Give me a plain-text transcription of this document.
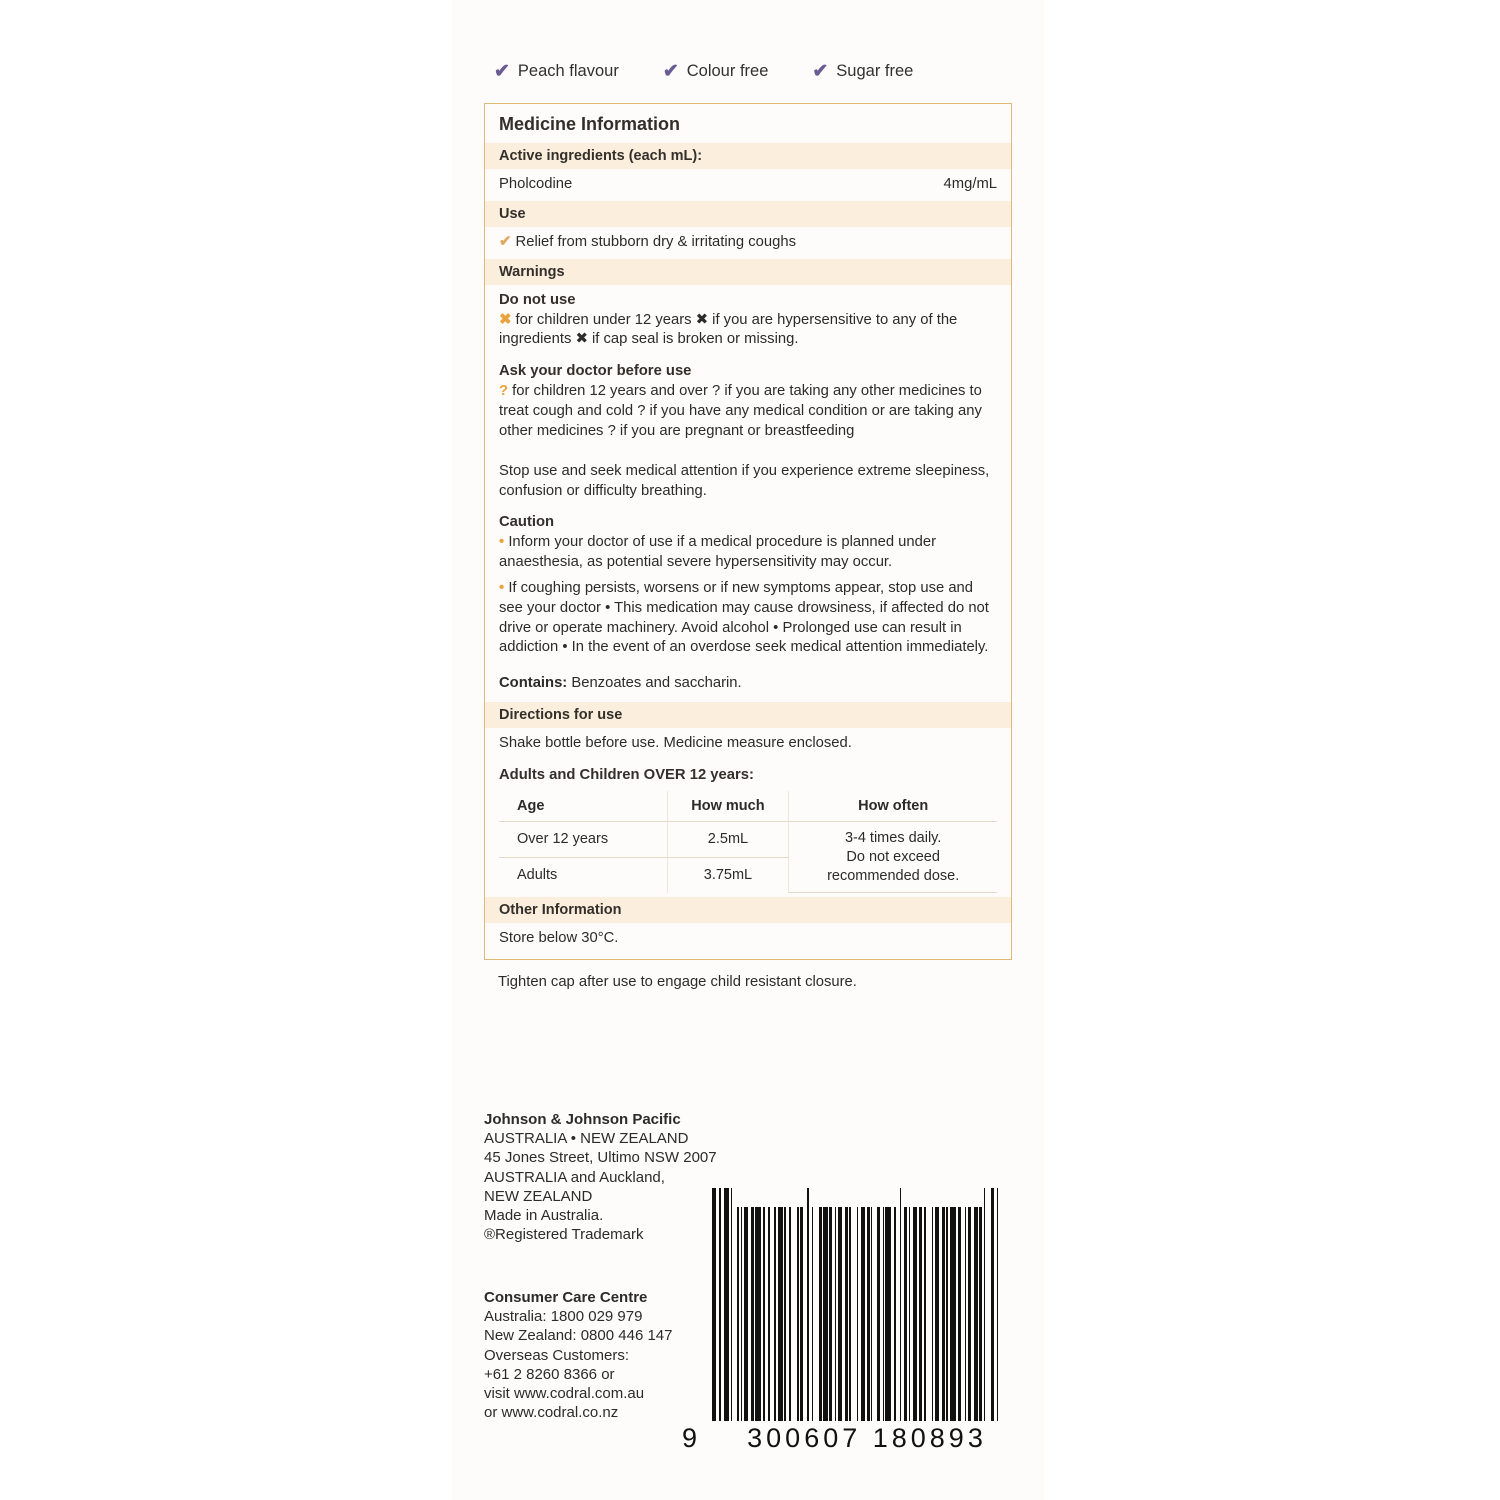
✔ Peach flavour ✔ Colour free ✔ Sugar free
Medicine Information
Active ingredients (each mL):
Pholcodine	4mg/mL
Use
✔ Relief from stubborn dry & irritating coughs
Warnings
Do not use
✖ for children under 12 years ✖ if you are hypersensitive to any of the ingredients ✖ if cap seal is broken or missing.
Ask your doctor before use
? for children 12 years and over ? if you are taking any other medicines to treat cough and cold ? if you have any medical condition or are taking any other medicines ? if you are pregnant or breastfeeding
Stop use and seek medical attention if you experience extreme sleepiness, confusion or difficulty breathing.
Caution
• Inform your doctor of use if a medical procedure is planned under anaesthesia, as potential severe hypersensitivity may occur.
• If coughing persists, worsens or if new symptoms appear, stop use and see your doctor • This medication may cause drowsiness, if affected do not drive or operate machinery. Avoid alcohol • Prolonged use can result in addiction • In the event of an overdose seek medical attention immediately.
Contains: Benzoates and saccharin.
Directions for use
Shake bottle before use. Medicine measure enclosed.
Adults and Children OVER 12 years:
Age	How much	How often
Over 12 years	2.5mL	3-4 times daily.
Do not exceed
recommended dose.

Adults	3.75mL	
Other Information
Store below 30°C.
Tighten cap after use to engage child resistant closure.
Johnson & Johnson Pacific
AUSTRALIA • NEW ZEALAND
45 Jones Street, Ultimo NSW 2007
AUSTRALIA and Auckland,
NEW ZEALAND
Made in Australia.
®Registered Trademark
Consumer Care Centre
Australia: 1800 029 979
New Zealand: 0800 446 147
Overseas Customers:
+61 2 8260 8366 or
visit www.codral.com.au
or www.codral.co.nz
9	300607 180893
